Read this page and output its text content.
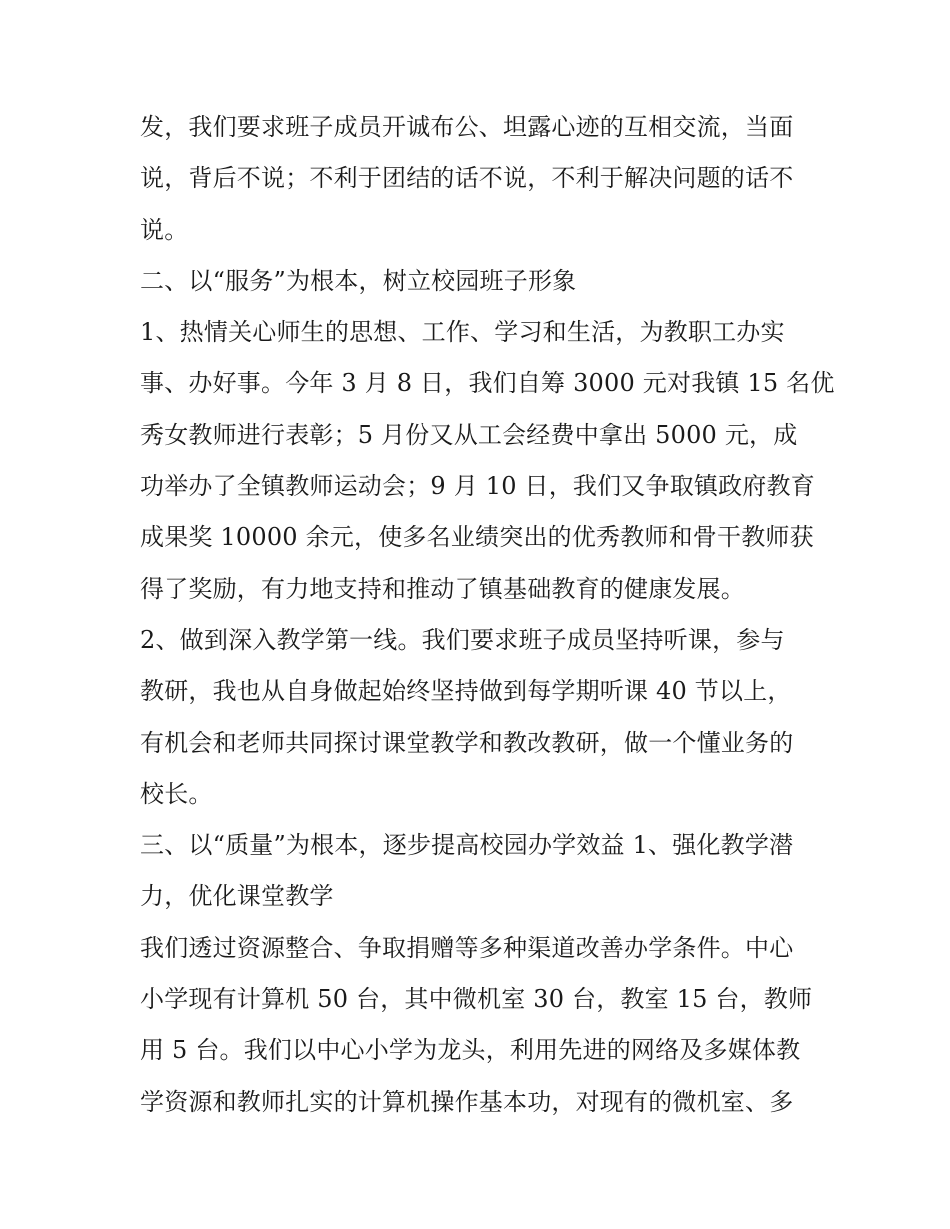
发，我们要求班子成员开诚布公、坦露心迹的互相交流，当面
说，背后不说；不利于团结的话不说，不利于解决问题的话不
说。
二、以“服务”为根本，树立校园班子形象
1、热情关心师生的思想、工作、学习和生活，为教职工办实
事、办好事。今年 3 月 8 日，我们自筹 3000 元对我镇 15 名优
秀女教师进行表彰；5 月份又从工会经费中拿出 5000 元，成
功举办了全镇教师运动会；9 月 10 日，我们又争取镇政府教育
成果奖 10000 余元，使多名业绩突出的优秀教师和骨干教师获
得了奖励，有力地支持和推动了镇基础教育的健康发展。
2、做到深入教学第一线。我们要求班子成员坚持听课，参与
教研，我也从自身做起始终坚持做到每学期听课 40 节以上，
有机会和老师共同探讨课堂教学和教改教研，做一个懂业务的
校长。
三、以“质量”为根本，逐步提高校园办学效益 1、强化教学潜
力，优化课堂教学
我们透过资源整合、争取捐赠等多种渠道改善办学条件。中心
小学现有计算机 50 台，其中微机室 30 台，教室 15 台，教师
用 5 台。我们以中心小学为龙头，利用先进的网络及多媒体教
学资源和教师扎实的计算机操作基本功，对现有的微机室、多
